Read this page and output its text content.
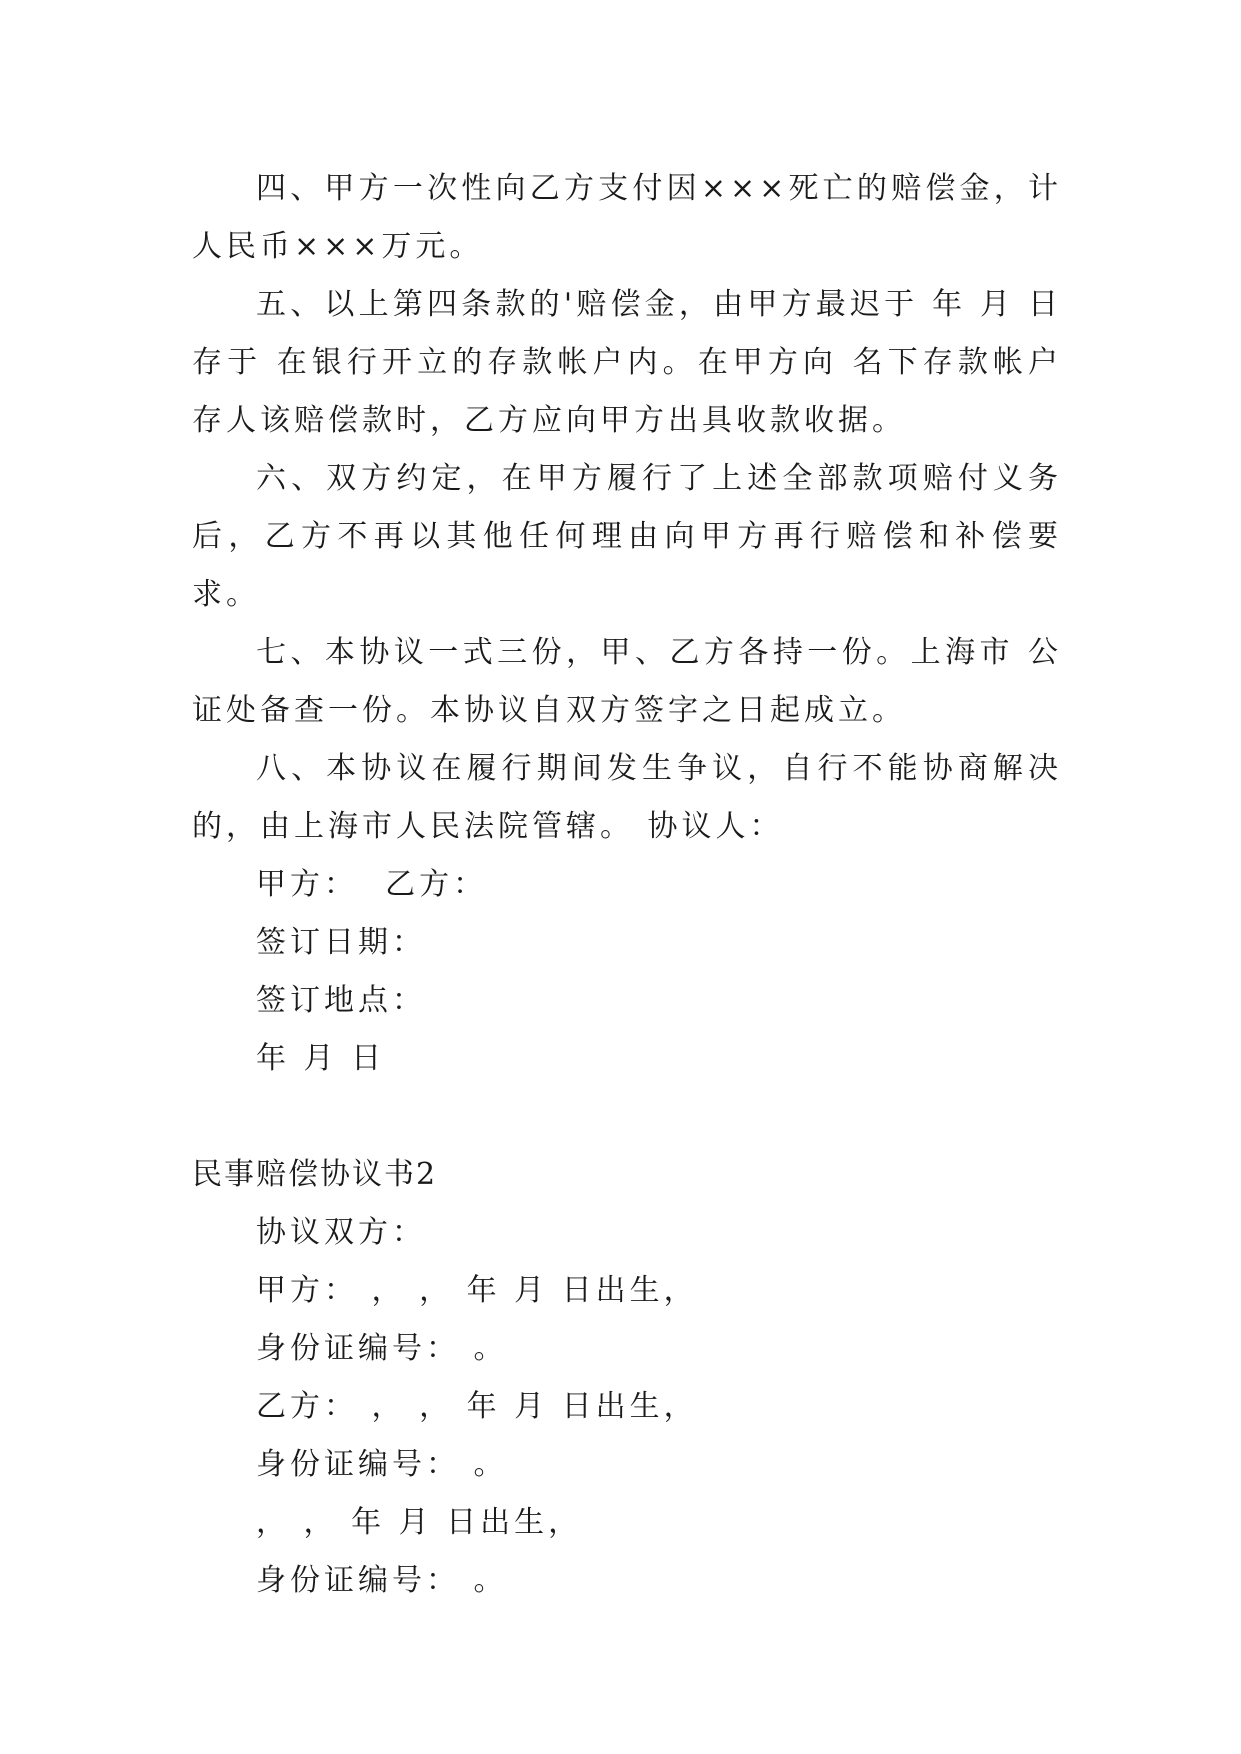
四、甲方一次性向乙方支付因×××死亡的赔偿金，计人民币×××万元。

五、以上第四条款的'赔偿金，由甲方最迟于 年 月 日存于 在银行开立的存款帐户内。在甲方向 名下存款帐户存人该赔偿款时，乙方应向甲方出具收款收据。

六、双方约定，在甲方履行了上述全部款项赔付义务后，乙方不再以其他任何理由向甲方再行赔偿和补偿要求。

七、本协议一式三份，甲、乙方各持一份。上海市 公证处备查一份。本协议自双方签字之日起成立。

八、本协议在履行期间发生争议，自行不能协商解决的，由上海市人民法院管辖。 协议人：

甲方：  乙方：

签订日期：

签订地点：

年 月 日

民事赔偿协议书2

协议双方：

甲方： ， ， 年 月 日出生，

身份证编号： 。

乙方： ， ， 年 月 日出生，

身份证编号： 。

， ， 年 月 日出生，

身份证编号： 。
